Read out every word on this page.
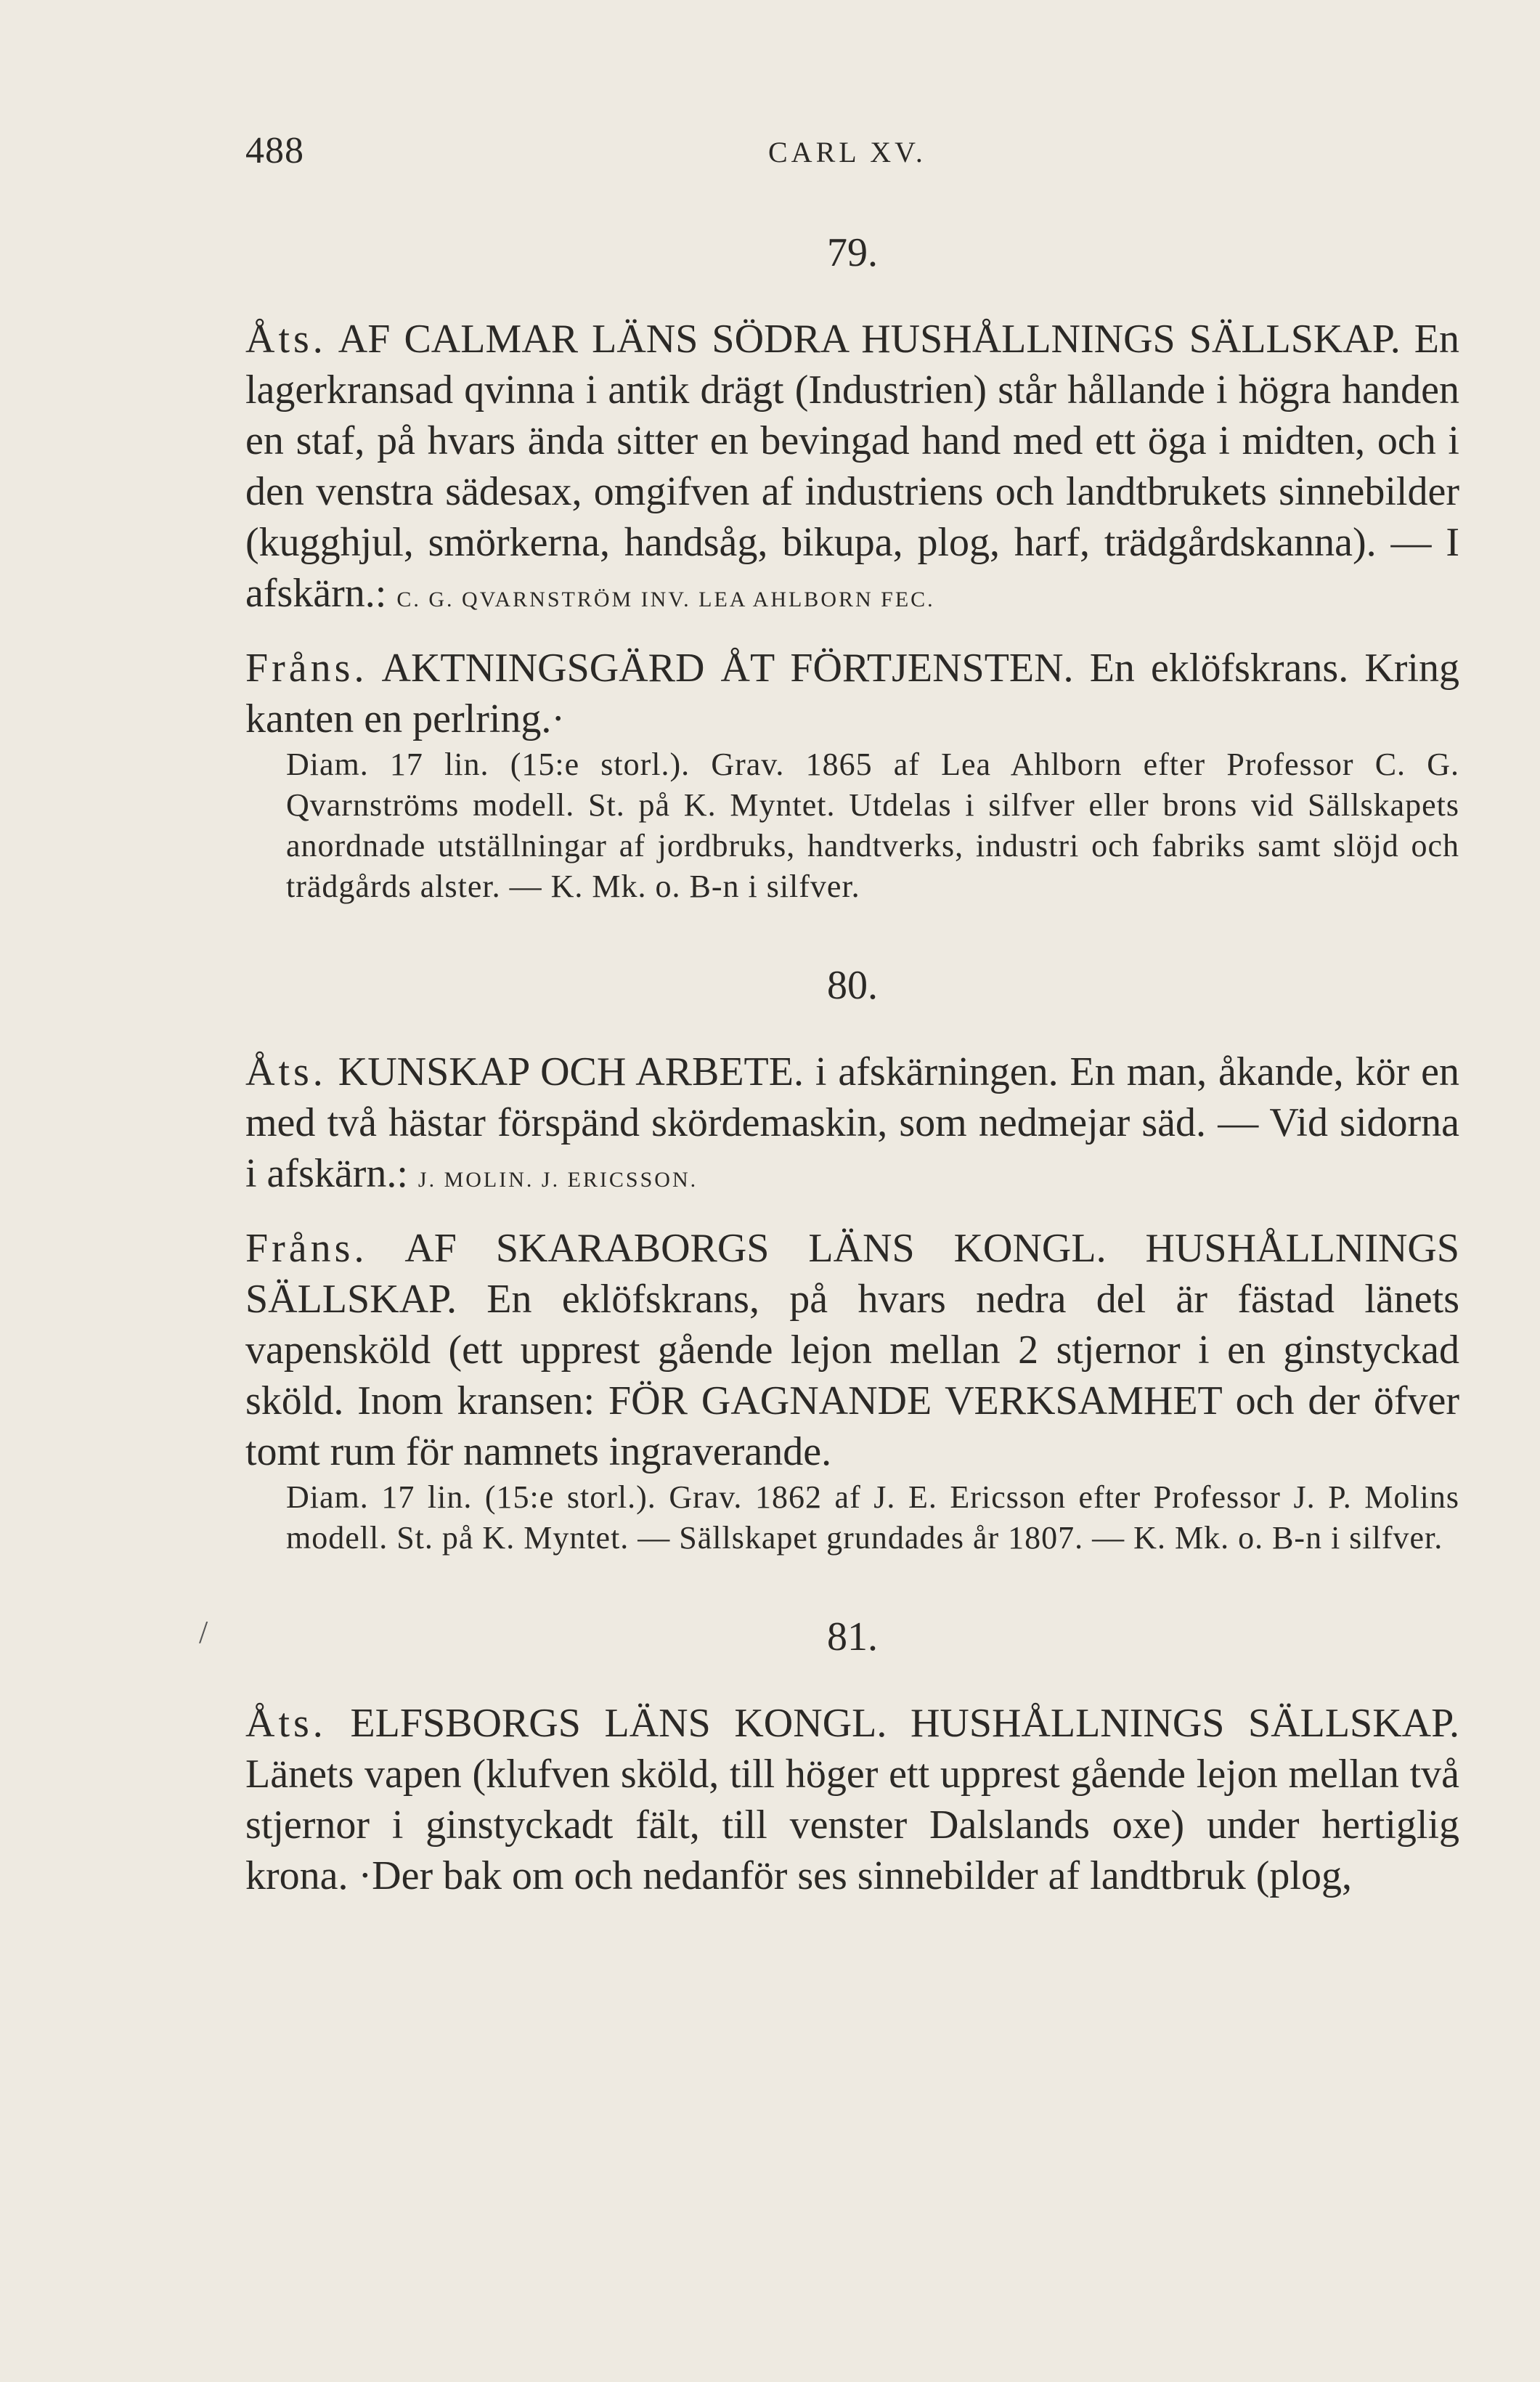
488	CARL XV.
/

79.

Åts. AF CALMAR LÄNS SÖDRA HUSHÅLLNINGS SÄLLSKAP. En lagerkransad qvinna i antik drägt (Industrien) står hållande i högra handen en staf, på hvars ända sitter en bevingad hand med ett öga i midten, och i den venstra sädesax, omgifven af industriens och landtbrukets sinnebilder (kugghjul, smörkerna, handsåg, bikupa, plog, harf, trädgårdskanna). — I afskärn.: C. G. QVARNSTRÖM INV. LEA AHLBORN FEC.

Fråns. AKTNINGSGÄRD ÅT FÖRTJENSTEN. En eklöfskrans. Kring kanten en perlring.·

Diam. 17 lin. (15:e storl.). Grav. 1865 af Lea Ahlborn efter Professor C. G. Qvarnströms modell. St. på K. Myntet. Utdelas i silfver eller brons vid Sällskapets anordnade utställningar af jordbruks, handtverks, industri och fabriks samt slöjd och trädgårds alster. — K. Mk. o. B-n i silfver.

80.

Åts. KUNSKAP OCH ARBETE. i afskärningen. En man, åkande, kör en med två hästar förspänd skördemaskin, som nedmejar säd. — Vid sidorna i afskärn.: J. MOLIN. J. ERICSSON.

Fråns. AF SKARABORGS LÄNS KONGL. HUSHÅLLNINGS SÄLLSKAP. En eklöfskrans, på hvars nedra del är fästad länets vapensköld (ett upprest gående lejon mellan 2 stjernor i en ginstyckad sköld. Inom kransen: FÖR GAGNANDE VERKSAMHET och der öfver tomt rum för namnets ingraverande.

Diam. 17 lin. (15:e storl.). Grav. 1862 af J. E. Ericsson efter Professor J. P. Molins modell. St. på K. Myntet. — Sällskapet grundades år 1807. — K. Mk. o. B-n i silfver.

81.

Åts. ELFSBORGS LÄNS KONGL. HUSHÅLLNINGS SÄLLSKAP. Länets vapen (klufven sköld, till höger ett upprest gående lejon mellan två stjernor i ginstyckadt fält, till venster Dalslands oxe) under hertiglig krona. ·Der bak om och nedanför ses sinnebilder af landtbruk (plog,
